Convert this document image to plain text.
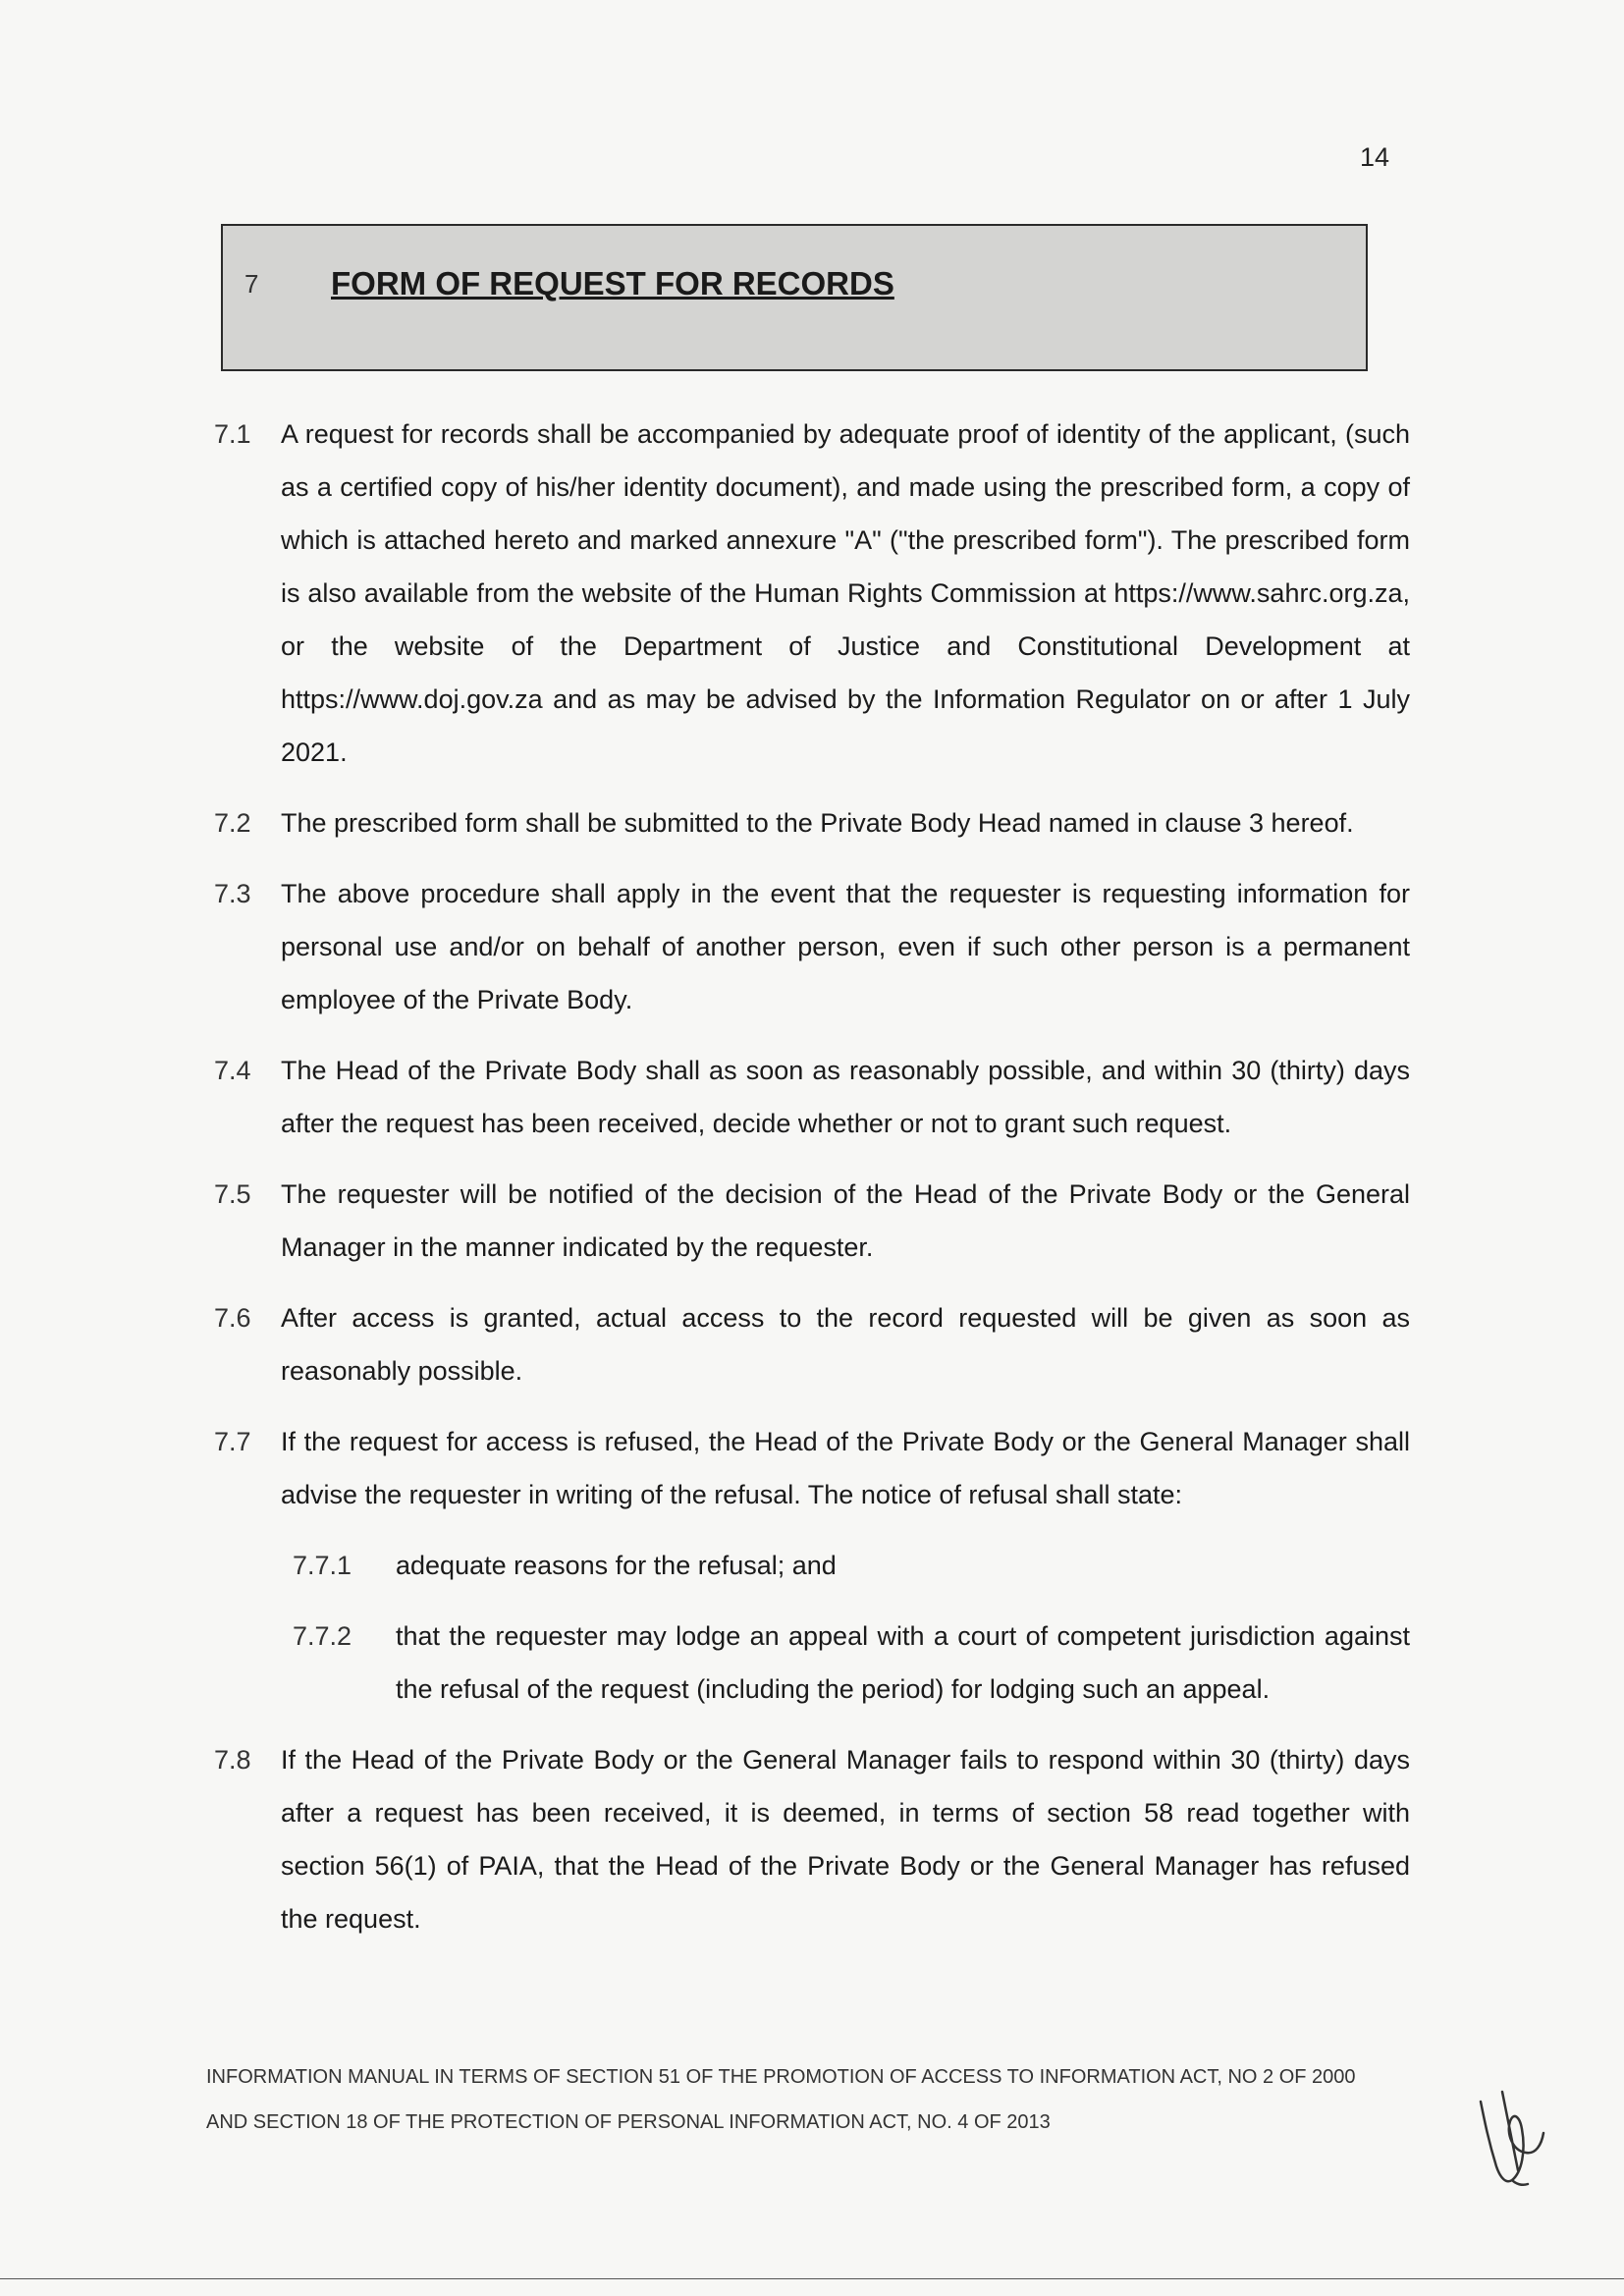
14
7 FORM OF REQUEST FOR RECORDS
7.1	A request for records shall be accompanied by adequate proof of identity of the applicant, (such as a certified copy of his/her identity document), and made using the prescribed form, a copy of which is attached hereto and marked annexure "A" ("the prescribed form"). The prescribed form is also available from the website of the Human Rights Commission at https://www.sahrc.org.za, or the website of the Department of Justice and Constitutional Development at https://www.doj.gov.za and as may be advised by the Information Regulator on or after 1 July 2021.
7.2	The prescribed form shall be submitted to the Private Body Head named in clause 3 hereof.
7.3	The above procedure shall apply in the event that the requester is requesting information for personal use and/or on behalf of another person, even if such other person is a permanent employee of the Private Body.
7.4	The Head of the Private Body shall as soon as reasonably possible, and within 30 (thirty) days after the request has been received, decide whether or not to grant such request.
7.5	The requester will be notified of the decision of the Head of the Private Body or the General Manager in the manner indicated by the requester.
7.6	After access is granted, actual access to the record requested will be given as soon as reasonably possible.
7.7	If the request for access is refused, the Head of the Private Body or the General Manager shall advise the requester in writing of the refusal. The notice of refusal shall state:
7.7.1	adequate reasons for the refusal; and
7.7.2	that the requester may lodge an appeal with a court of competent jurisdiction against the refusal of the request (including the period) for lodging such an appeal.
7.8	If the Head of the Private Body or the General Manager fails to respond within 30 (thirty) days after a request has been received, it is deemed, in terms of section 58 read together with section 56(1) of PAIA, that the Head of the Private Body or the General Manager has refused the request.
INFORMATION MANUAL IN TERMS OF SECTION 51 OF THE PROMOTION OF ACCESS TO INFORMATION ACT, NO 2 OF 2000
AND SECTION 18 OF THE PROTECTION OF PERSONAL INFORMATION ACT, NO. 4 OF 2013
